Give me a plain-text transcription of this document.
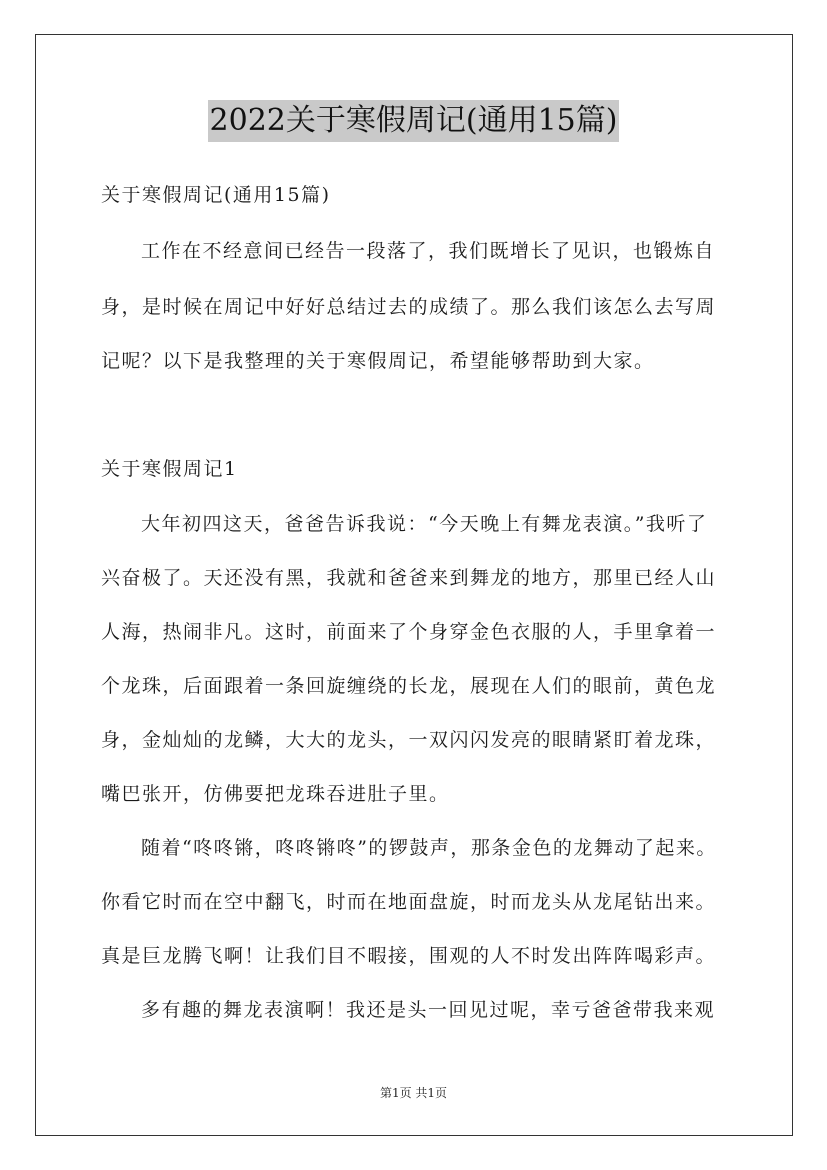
2022关于寒假周记(通用15篇)
关于寒假周记(通用15篇)
工作在不经意间已经告一段落了，我们既增长了见识，也锻炼自
身，是时候在周记中好好总结过去的成绩了。那么我们该怎么去写周
记呢？以下是我整理的关于寒假周记，希望能够帮助到大家。
关于寒假周记1
大年初四这天，爸爸告诉我说：“今天晚上有舞龙表演。”我听了
兴奋极了。天还没有黑，我就和爸爸来到舞龙的地方，那里已经人山
人海，热闹非凡。这时，前面来了个身穿金色衣服的人，手里拿着一
个龙珠，后面跟着一条回旋缠绕的长龙，展现在人们的眼前，黄色龙
身，金灿灿的龙鳞，大大的龙头，一双闪闪发亮的眼睛紧盯着龙珠，
嘴巴张开，仿佛要把龙珠吞进肚子里。
随着“咚咚锵，咚咚锵咚”的锣鼓声，那条金色的龙舞动了起来。
你看它时而在空中翻飞，时而在地面盘旋，时而龙头从龙尾钻出来。
真是巨龙腾飞啊！让我们目不暇接，围观的人不时发出阵阵喝彩声。
多有趣的舞龙表演啊！我还是头一回见过呢，幸亏爸爸带我来观
第1页 共1页
